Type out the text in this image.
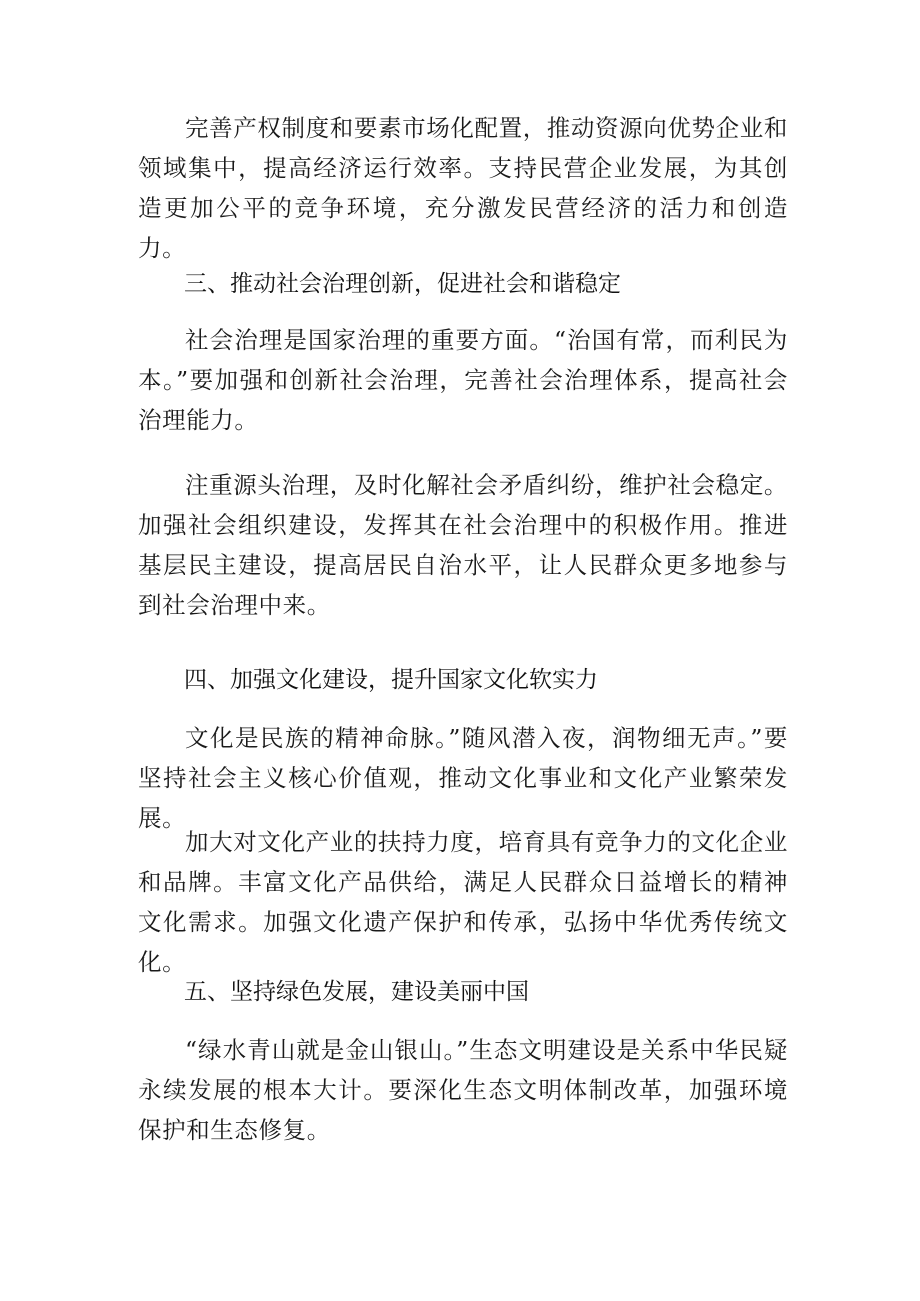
完善产权制度和要素市场化配置，推动资源向优势企业和领域集中，提高经济运行效率。支持民营企业发展，为其创造更加公平的竞争环境，充分激发民营经济的活力和创造力。

三、推动社会治理创新，促进社会和谐稳定

社会治理是国家治理的重要方面。“治国有常，而利民为本。”要加强和创新社会治理，完善社会治理体系，提高社会治理能力。

注重源头治理，及时化解社会矛盾纠纷，维护社会稳定。加强社会组织建设，发挥其在社会治理中的积极作用。推进基层民主建设，提高居民自治水平，让人民群众更多地参与到社会治理中来。

四、加强文化建设，提升国家文化软实力

文化是民族的精神命脉。”随风潜入夜，润物细无声。”要坚持社会主义核心价值观，推动文化事业和文化产业繁荣发展。

加大对文化产业的扶持力度，培育具有竞争力的文化企业和品牌。丰富文化产品供给，满足人民群众日益增长的精神文化需求。加强文化遗产保护和传承，弘扬中华优秀传统文化。

五、坚持绿色发展，建设美丽中国

“绿水青山就是金山银山。”生态文明建设是关系中华民疑永续发展的根本大计。要深化生态文明体制改革，加强环境保护和生态修复。
